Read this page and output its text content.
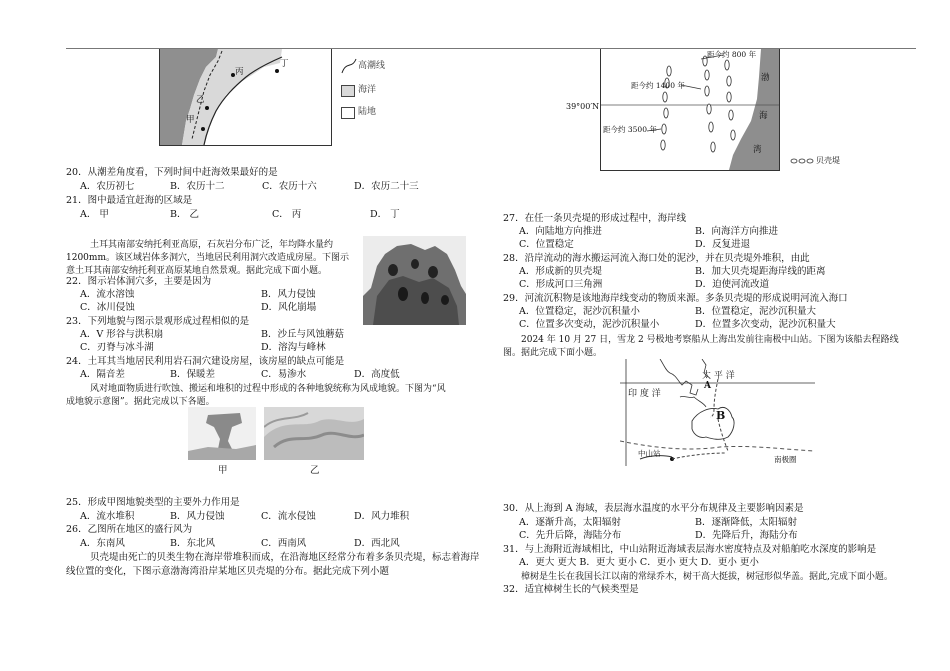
丙
丁
乙
甲
高潮线
海洋
陆地
20．从潮差角度看，下列时间中赶海效果最好的是
A．农历初七	B．农历十二	C．农历十六	D．农历二十三
21．图中最适宜赶海的区域是
A． 甲	B． 乙	C． 丙	D． 丁
土耳其南部安纳托利亚高原，石灰岩分布广泛，年均降水量约
1200mm。该区域岩体多洞穴，当地居民利用洞穴改造成房屋。下图示
意土耳其南部安纳托利亚高原某地自然景观。据此完成下面小题。
22．图示岩体洞穴多，主要是因为
A．流水溶蚀	B．风力侵蚀
C．冰川侵蚀	D．风化崩塌
23．下列地貌与图示景观形成过程相似的是
A．V 形谷与洪积扇	B．沙丘与风蚀蘑菇
C．刃脊与冰斗湖	D．溶沟与峰林
24．土耳其当地居民利用岩石洞穴建设房屋，该房屋的缺点可能是
A．隔音差	B．保暖差	C．易渗水	D．高度低
风对地面物质进行吹蚀、搬运和堆积的过程中形成的各种地貌统称为风成地貌。下图为“风
成地貌示意图”。据此完成以下各题。
甲	乙
25．形成甲图地貌类型的主要外力作用是
A．流水堆积	B．风力侵蚀	C．流水侵蚀	D．风力堆积
26．乙图所在地区的盛行风为
A．东南风	B．东北风	C．西南风	D．西北风
贝壳堤由死亡的贝类生物在海岸带堆积而成，在沿海地区经常分布着多条贝壳堤，标志着海岸
线位置的变化，下图示意渤海湾沿岸某地区贝壳堤的分布。据此完成下列小题
距今约 800 年
距今约 1400 年
距今约 3500 年
渤
海
湾
39°00′N
贝壳堤
27．在任一条贝壳堤的形成过程中，海岸线
A．向陆地方向推进	B．向海洋方向推进
C．位置稳定	D．反复进退
28．沿岸流动的海水搬运河流入海口处的泥沙，并在贝壳堤外堆积，由此
A．形成新的贝壳堤	B．加大贝壳堤距海岸线的距离
C．形成河口三角洲	D．迫使河流改道
29．河流沉积物是该地海岸线变动的物质来源。多条贝壳堤的形成说明河流入海口
A．位置稳定，泥沙沉积量小	B．位置稳定，泥沙沉积量大
C．位置多次变动，泥沙沉积量小	D．位置多次变动，泥沙沉积量大
2024 年 10 月 27 日，雪龙 2 号极地考察船从上海出发前往南极中山站。下图为该船去程路线
图。据此完成下面小题。
太 平 洋
印 度 洋
A
B
中山站
南极圈
30．从上海到 A 海域，表层海水温度的水平分布规律及主要影响因素是
A．逐渐升高，太阳辐射	B．逐渐降低，太阳辐射
C．先升后降，海陆分布	D．先降后升，海陆分布
31．与上海附近海域相比，中山站附近海域表层海水密度特点及对船舶吃水深度的影响是
A．更大 更大 B．更大 更小 C．更小 更大 D．更小 更小
樟树是生长在我国长江以南的常绿乔木，树干高大挺拔，树冠形似华盖。据此,完成下面小题。
32．适宜樟树生长的气候类型是
